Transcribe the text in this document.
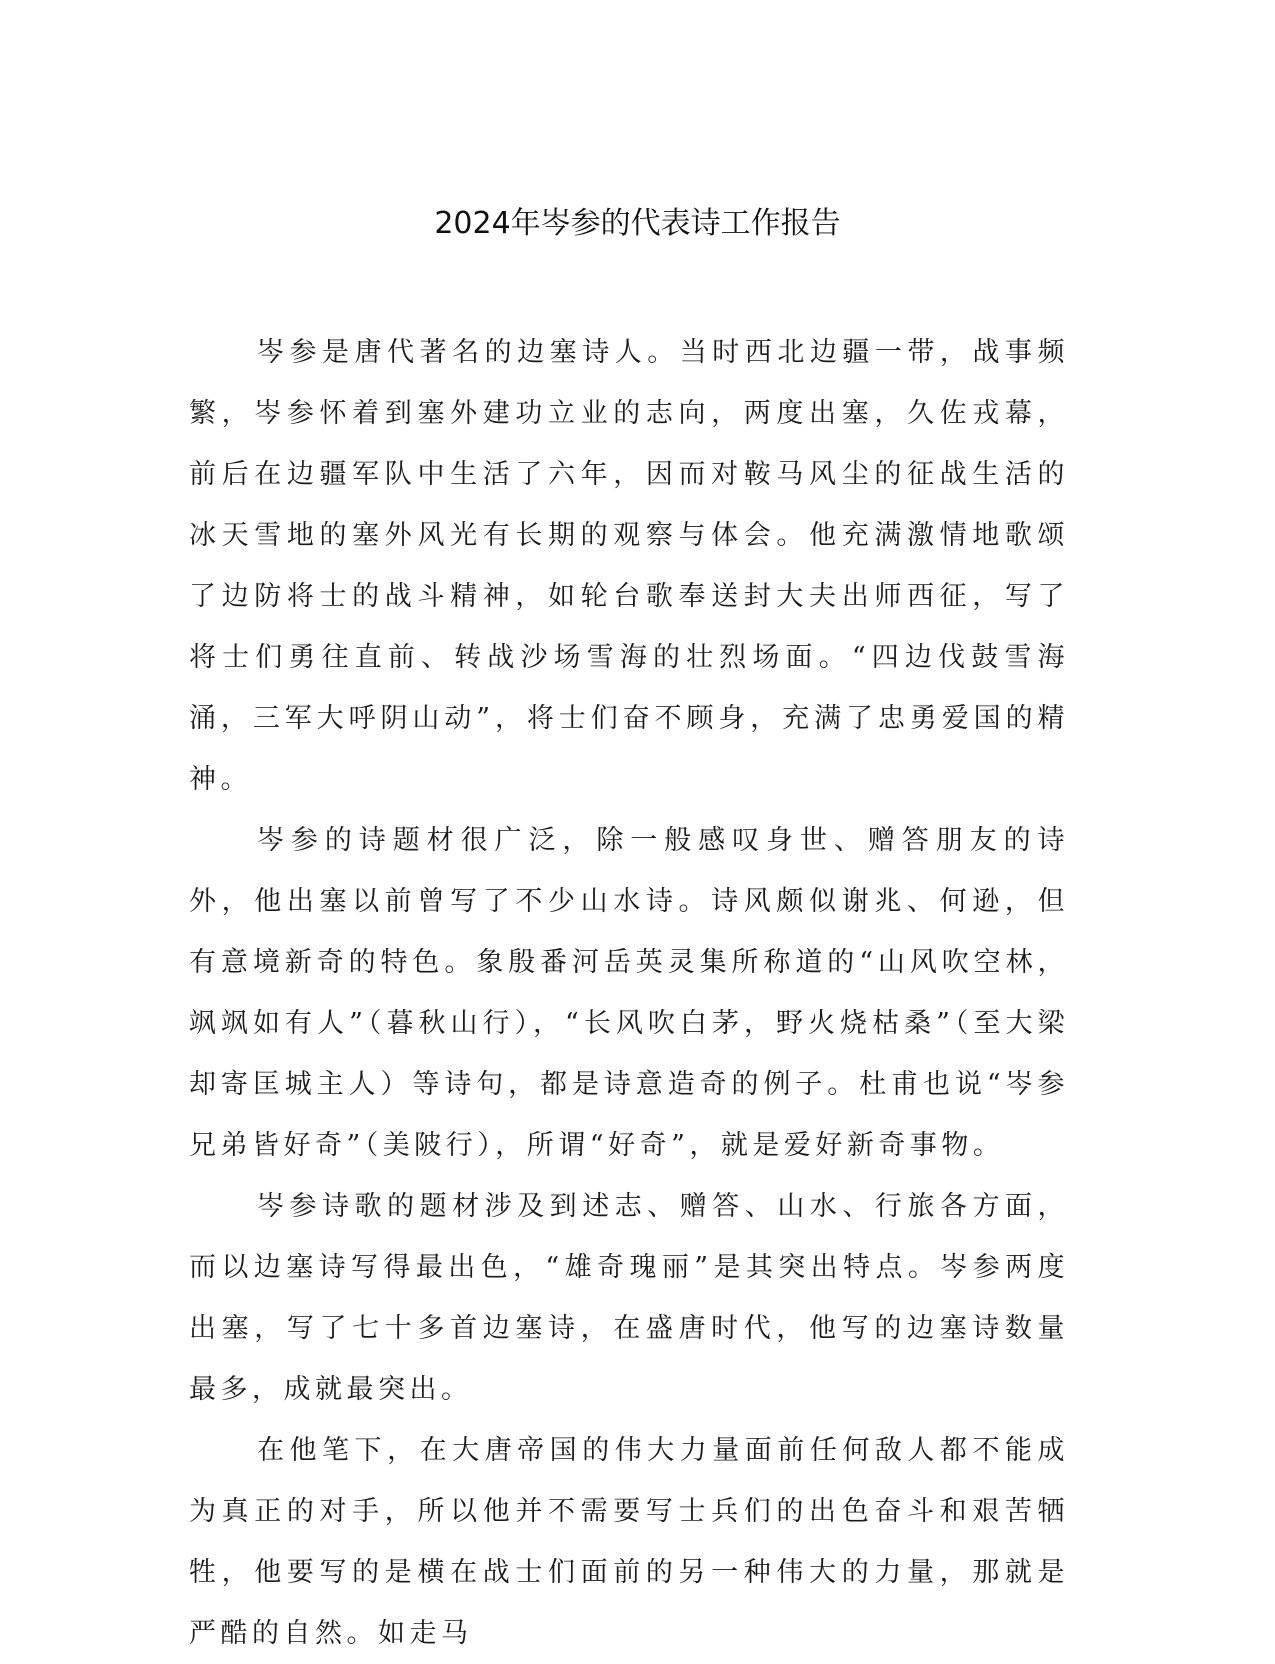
2024年岑参的代表诗工作报告

岑参是唐代著名的边塞诗人。当时西北边疆一带，战事频繁，岑参怀着到塞外建功立业的志向，两度出塞，久佐戎幕，前后在边疆军队中生活了六年，因而对鞍马风尘的征战生活的冰天雪地的塞外风光有长期的观察与体会。他充满激情地歌颂了边防将士的战斗精神，如轮台歌奉送封大夫出师西征，写了将士们勇往直前、转战沙场雪海的壮烈场面。“四边伐鼓雪海涌，三军大呼阴山动”，将士们奋不顾身，充满了忠勇爱国的精神。

岑参的诗题材很广泛，除一般感叹身世、赠答朋友的诗外，他出塞以前曾写了不少山水诗。诗风颇似谢兆、何逊，但有意境新奇的特色。象殷番河岳英灵集所称道的“山风吹空林，飒飒如有人”（暮秋山行），“长风吹白茅，野火烧枯桑”（至大梁却寄匡城主人）等诗句，都是诗意造奇的例子。杜甫也说“岑参兄弟皆好奇”（美陂行），所谓“好奇”，就是爱好新奇事物。

岑参诗歌的题材涉及到述志、赠答、山水、行旅各方面，而以边塞诗写得最出色，“雄奇瑰丽”是其突出特点。岑参两度出塞，写了七十多首边塞诗，在盛唐时代，他写的边塞诗数量最多，成就最突出。

在他笔下，在大唐帝国的伟大力量面前任何敌人都不能成为真正的对手，所以他并不需要写士兵们的出色奋斗和艰苦牺牲，他要写的是横在战士们面前的另一种伟大的力量，那就是严酷的自然。如走马
